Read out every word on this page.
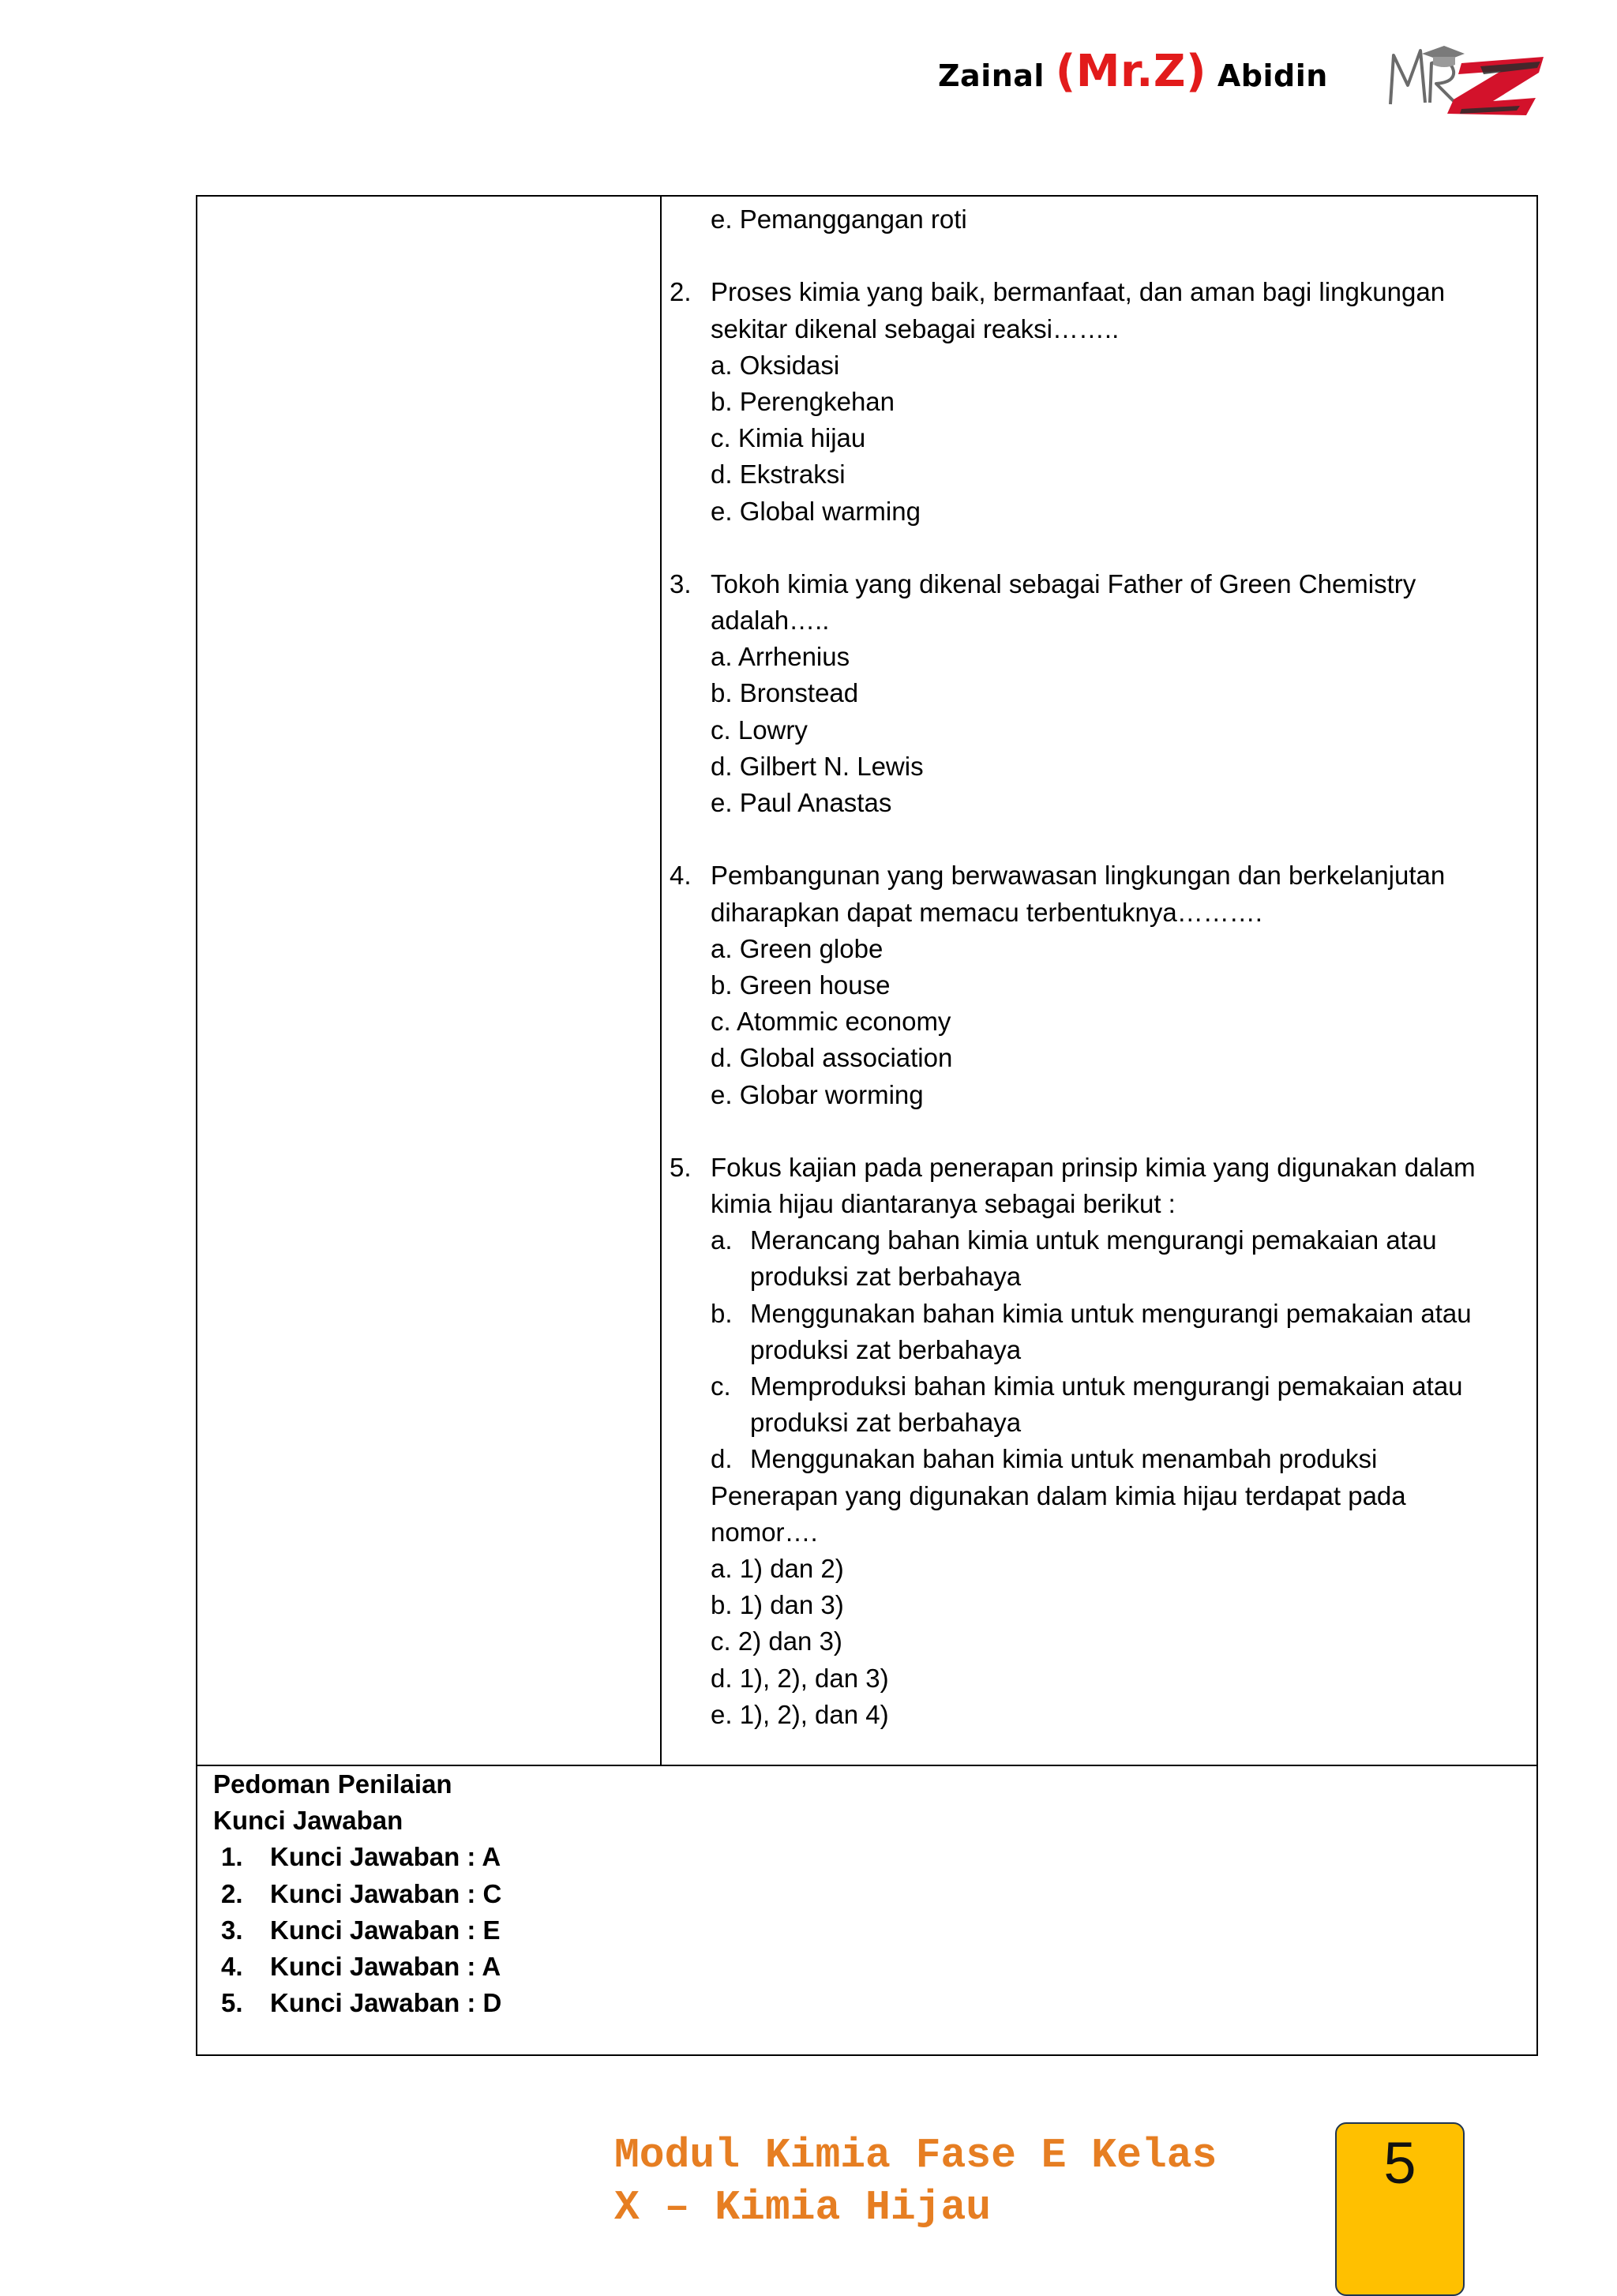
Zainal (Mr.Z) Abidin
e. Pemanggangan roti
2. Proses kimia yang baik, bermanfaat, dan aman bagi lingkungan
sekitar dikenal sebagai reaksi……..
a. Oksidasi
b. Perengkehan
c. Kimia hijau
d. Ekstraksi
e. Global warming
3. Tokoh kimia yang dikenal sebagai Father of Green Chemistry
adalah…..
a. Arrhenius
b. Bronstead
c. Lowry
d. Gilbert N. Lewis
e. Paul Anastas
4. Pembangunan yang berwawasan lingkungan dan berkelanjutan
diharapkan dapat memacu terbentuknya……….
a. Green globe
b. Green house
c. Atommic economy
d. Global association
e. Globar worming
5. Fokus kajian pada penerapan prinsip kimia yang digunakan dalam
kimia hijau diantaranya sebagai berikut :
a. Merancang bahan kimia untuk mengurangi pemakaian atau
produksi zat berbahaya
b. Menggunakan bahan kimia untuk mengurangi pemakaian atau
produksi zat berbahaya
c. Memproduksi bahan kimia untuk mengurangi pemakaian atau
produksi zat berbahaya
d. Menggunakan bahan kimia untuk menambah produksi
Penerapan yang digunakan dalam kimia hijau terdapat pada
nomor….
a. 1) dan 2)
b. 1) dan 3)
c. 2) dan 3)
d. 1), 2), dan 3)
e. 1), 2), dan 4)
Pedoman Penilaian
Kunci Jawaban
1. Kunci Jawaban : A
2. Kunci Jawaban : C
3. Kunci Jawaban : E
4. Kunci Jawaban : A
5. Kunci Jawaban : D
Modul Kimia Fase E Kelas
X – Kimia Hijau
5
